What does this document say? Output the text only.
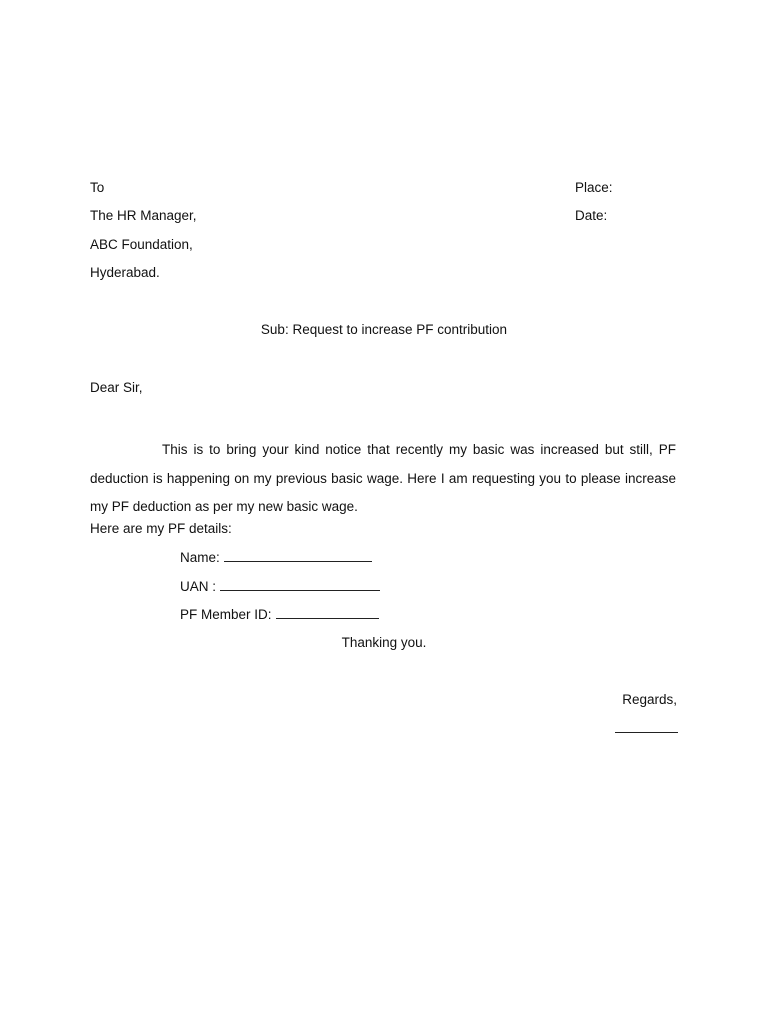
To
The HR Manager,
ABC Foundation,
Hyderabad.
Place:
Date:
Sub: Request to increase PF contribution
Dear Sir,
This is to bring your kind notice that recently my basic was increased but still, PF deduction is happening on my previous basic wage. Here I am requesting you to please increase my PF deduction as per my new basic wage.
Here are my PF details:
Name:
UAN :
PF Member ID:
Thanking you.
Regards,
